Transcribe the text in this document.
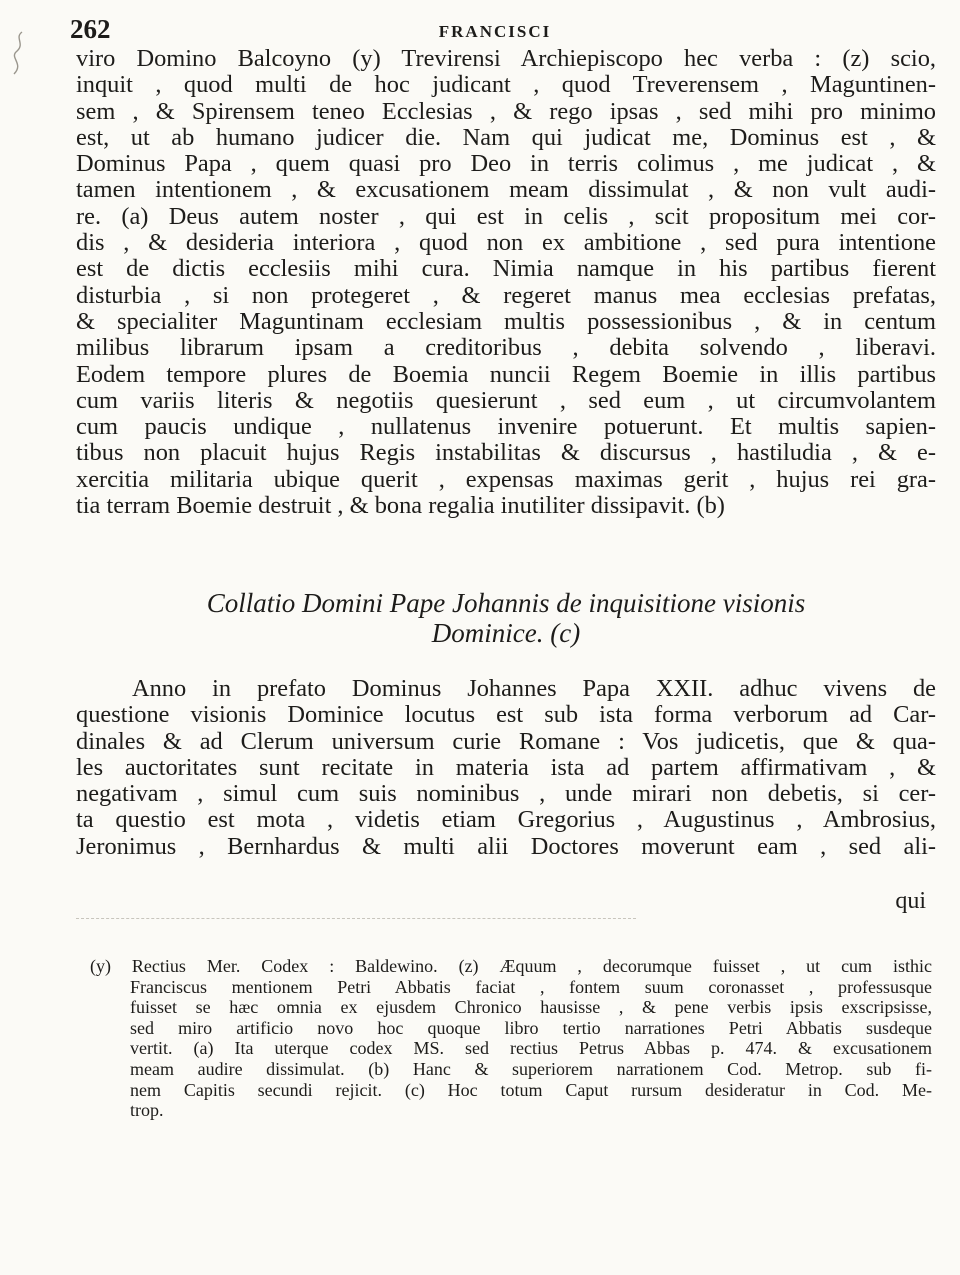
262	FRANCISCI
viro Domino Balcoyno (y) Trevirensi Archiepiscopo hec verba : (z) scio,
inquit , quod multi de hoc judicant , quod Treverensem , Maguntinen-
sem , & Spirensem teneo Ecclesias , & rego ipsas , sed mihi pro minimo
est, ut ab humano judicer die. Nam qui judicat me, Dominus est , &
Dominus Papa , quem quasi pro Deo in terris colimus , me judicat , &
tamen intentionem , & excusationem meam dissimulat , & non vult audi-
re. (a) Deus autem noster , qui est in celis , scit propositum mei cor-
dis , & desideria interiora , quod non ex ambitione , sed pura intentione
est de dictis ecclesiis mihi cura. Nimia namque in his partibus fierent
disturbia , si non protegeret , & regeret manus mea ecclesias prefatas,
& specialiter Maguntinam ecclesiam multis possessionibus , & in centum
milibus librarum ipsam a creditoribus , debita solvendo , liberavi.
Eodem tempore plures de Boemia nuncii Regem Boemie in illis partibus
cum variis literis & negotiis quesierunt , sed eum , ut circumvolantem
cum paucis undique , nullatenus invenire potuerunt. Et multis sapien-
tibus non placuit hujus Regis instabilitas & discursus , hastiludia , & e-
xercitia militaria ubique querit , expensas maximas gerit , hujus rei gra-
tia terram Boemie destruit , & bona regalia inutiliter dissipavit. (b)
Collatio Domini Pape Johannis de inquisitione visionis
Dominice. (c)
Anno in prefato Dominus Johannes Papa XXII. adhuc vivens de
questione visionis Dominice locutus est sub ista forma verborum ad Car-
dinales & ad Clerum universum curie Romane : Vos judicetis, que & qua-
les auctoritates sunt recitate in materia ista ad partem affirmativam , &
negativam , simul cum suis nominibus , unde mirari non debetis, si cer-
ta questio est mota , videtis etiam Gregorius , Augustinus , Ambrosius,
Jeronimus , Bernhardus & multi alii Doctores moverunt eam , sed ali-
qui
(y) Rectius Mer. Codex : Baldewino. (z) Æquum , decorumque fuisset , ut cum isthic
Franciscus mentionem Petri Abbatis faciat , fontem suum coronasset , professusque
fuisset se hæc omnia ex ejusdem Chronico hausisse , & pene verbis ipsis exscripsisse,
sed miro artificio novo hoc quoque libro tertio narrationes Petri Abbatis susdeque
vertit. (a) Ita uterque codex MS. sed rectius Petrus Abbas p. 474. & excusationem
meam audire dissimulat. (b) Hanc & superiorem narrationem Cod. Metrop. sub fi-
nem Capitis secundi rejicit. (c) Hoc totum Caput rursum desideratur in Cod. Me-
trop.
